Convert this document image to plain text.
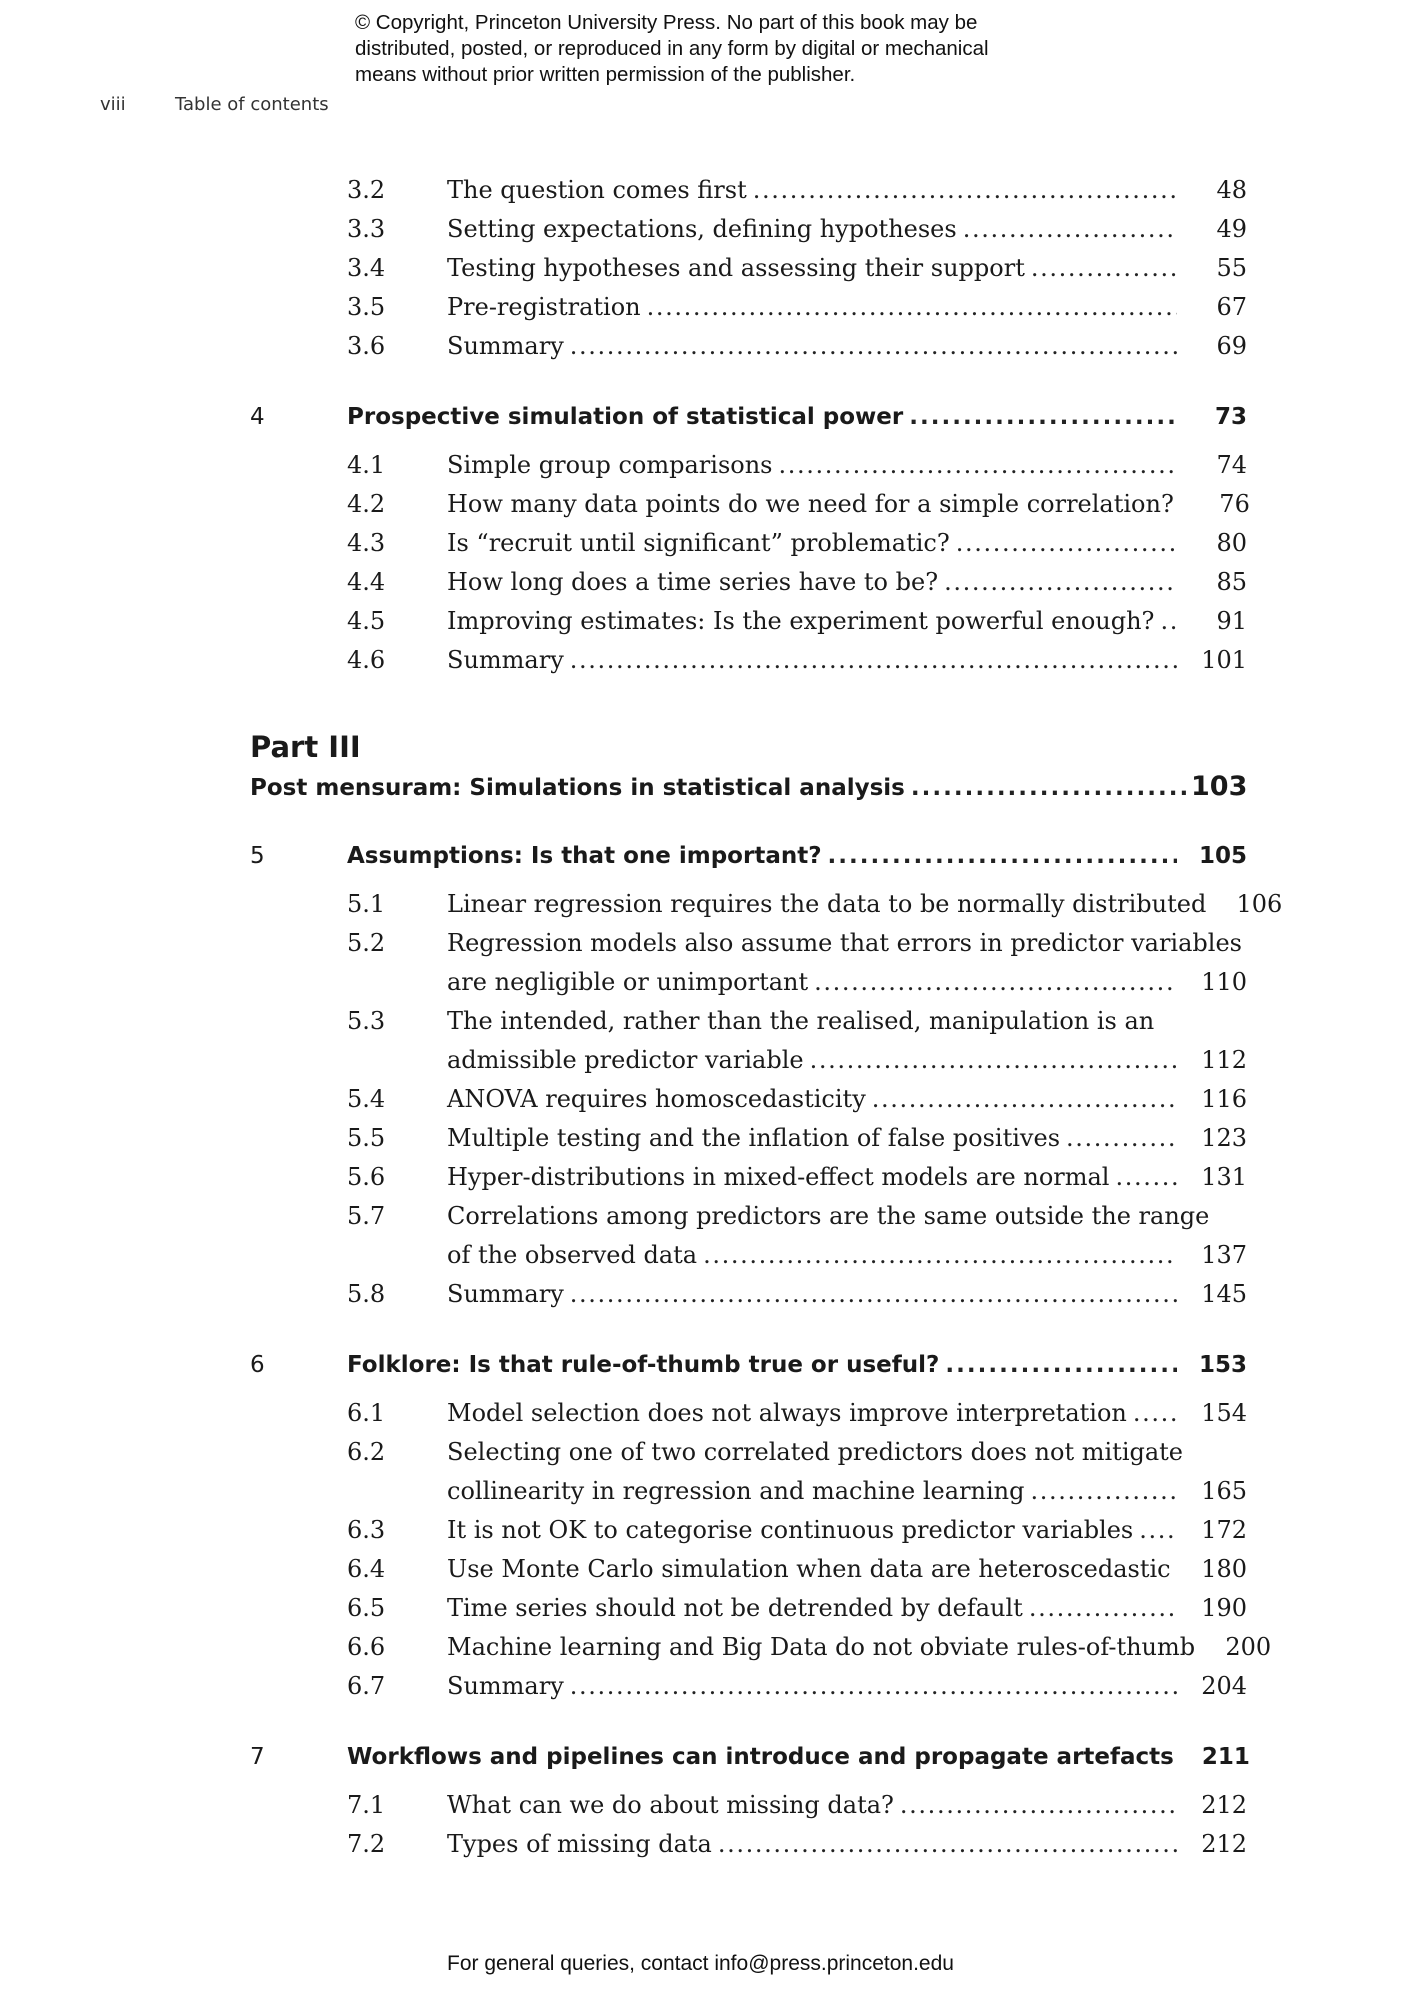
© Copyright, Princeton University Press. No part of this book may be
distributed, posted, or reproduced in any form by digital or mechanical
means without prior written permission of the publisher.
viii	Table of contents
3.2	The question comes first . . .	48
3.3	Setting expectations, defining hypotheses . . .	49
3.4	Testing hypotheses and assessing their support . . .	55
3.5	Pre-registration . . .	67
3.6	Summary . . .	69
4	Prospective simulation of statistical power . . .	73
4.1	Simple group comparisons . . .	74
4.2	How many data points do we need for a simple correlation?	76
4.3	Is “recruit until significant” problematic? . . .	80
4.4	How long does a time series have to be? . . .	85
4.5	Improving estimates: Is the experiment powerful enough? . . .	91
4.6	Summary . . .	101
Part III
Post mensuram: Simulations in statistical analysis . . .	103
5	Assumptions: Is that one important? . . .	105
5.1	Linear regression requires the data to be normally distributed	106
5.2	Regression models also assume that errors in predictor variables
are negligible or unimportant . . .	110
5.3	The intended, rather than the realised, manipulation is an
admissible predictor variable . . .	112
5.4	ANOVA requires homoscedasticity . . .	116
5.5	Multiple testing and the inflation of false positives . . .	123
5.6	Hyper-distributions in mixed-effect models are normal . . .	131
5.7	Correlations among predictors are the same outside the range
of the observed data . . .	137
5.8	Summary . . .	145
6	Folklore: Is that rule-of-thumb true or useful? . . .	153
6.1	Model selection does not always improve interpretation . . .	154
6.2	Selecting one of two correlated predictors does not mitigate
collinearity in regression and machine learning . . .	165
6.3	It is not OK to categorise continuous predictor variables . . .	172
6.4	Use Monte Carlo simulation when data are heteroscedastic . . .	180
6.5	Time series should not be detrended by default . . .	190
6.6	Machine learning and Big Data do not obviate rules-of-thumb	200
6.7	Summary . . .	204
7	Workflows and pipelines can introduce and propagate artefacts	211
7.1	What can we do about missing data? . . .	212
7.2	Types of missing data . . .	212
For general queries, contact info@press.princeton.edu
